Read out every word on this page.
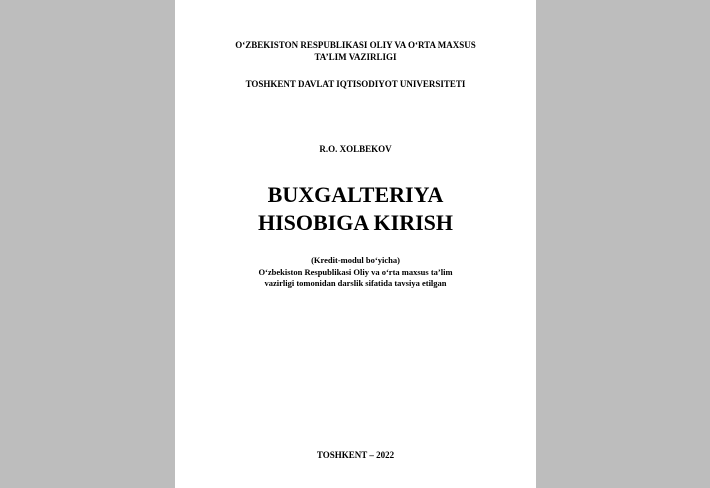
O‘ZBEKISTON RESPUBLIKASI OLIY VA O‘RTA MAXSUS
TA’LIM VAZIRLIGI
TOSHKENT DAVLAT IQTISODIYOT UNIVERSITETI
R.O. XOLBEKOV
BUXGALTERIYA
HISOBIGA KIRISH
(Kredit-modul bo‘yicha)
O‘zbekiston Respublikasi Oliy va o‘rta maxsus ta’lim
vazirligi tomonidan darslik sifatida tavsiya etilgan
TOSHKENT – 2022
